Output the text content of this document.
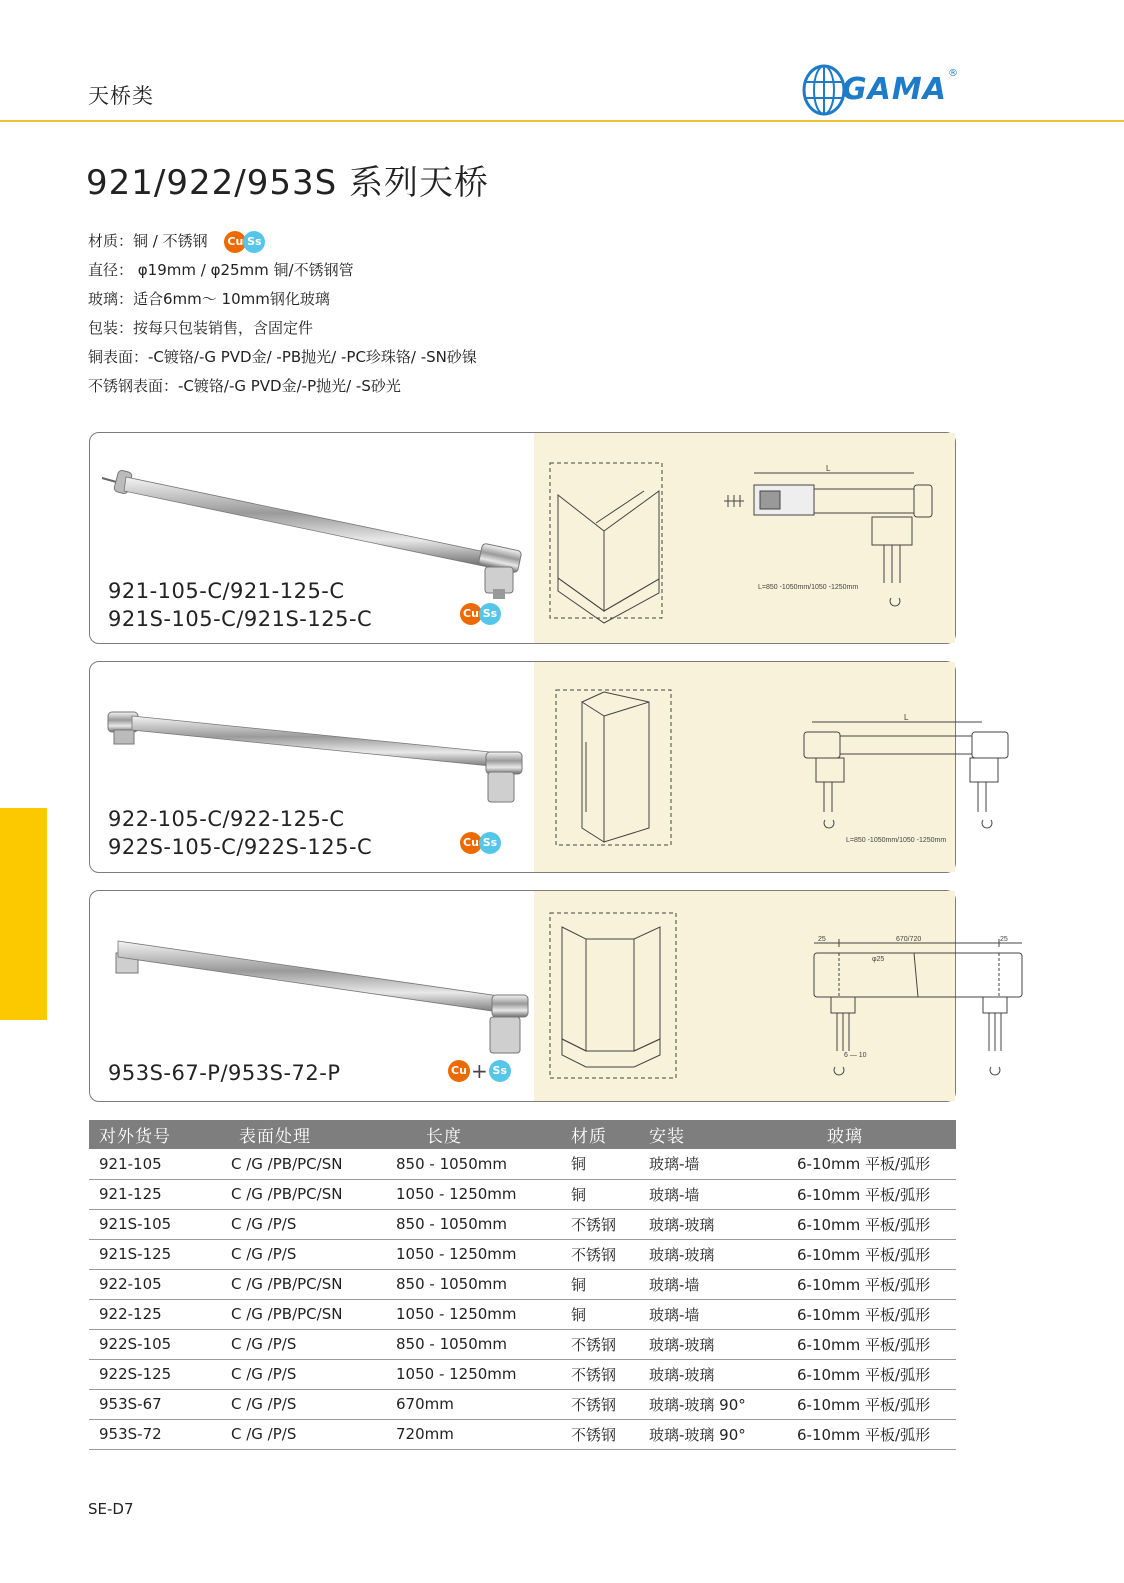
天桥类	GAMA ®
921/922/953S 系列天桥
材质：铜 / 不锈钢 Cu Ss
直径： φ19mm / φ25mm 铜/不锈钢管
玻璃：适合6mm～ 10mm钢化玻璃
包装：按每只包装销售，含固定件
铜表面：-C镀铬/-G PVD金/ -PB抛光/ -PC珍珠铬/ -SN砂镍
不锈钢表面：-C镀铬/-G PVD金/-P抛光/ -S砂光
921-105-C/921-125-C
921S-105-C/921S-125-C	Cu Ss
L
L=850 -1050mm/1050 -1250mm
922-105-C/922-125-C
922S-105-C/922S-125-C	Cu Ss
L
L=850 -1050mm/1050 -1250mm
953S-67-P/953S-72-P	Cu + Ss
25	670/720	25
φ25
6 — 10
对外货号	表面处理	长度	材质	安装	玻璃
921-105	C /G /PB/PC/SN	850 - 1050mm	铜	玻璃-墙	6-10mm 平板/弧形
921-125	C /G /PB/PC/SN	1050 - 1250mm	铜	玻璃-墙	6-10mm 平板/弧形
921S-105	C /G /P/S	850 - 1050mm	不锈钢	玻璃-玻璃	6-10mm 平板/弧形
921S-125	C /G /P/S	1050 - 1250mm	不锈钢	玻璃-玻璃	6-10mm 平板/弧形
922-105	C /G /PB/PC/SN	850 - 1050mm	铜	玻璃-墙	6-10mm 平板/弧形
922-125	C /G /PB/PC/SN	1050 - 1250mm	铜	玻璃-墙	6-10mm 平板/弧形
922S-105	C /G /P/S	850 - 1050mm	不锈钢	玻璃-玻璃	6-10mm 平板/弧形
922S-125	C /G /P/S	1050 - 1250mm	不锈钢	玻璃-玻璃	6-10mm 平板/弧形
953S-67	C /G /P/S	670mm	不锈钢	玻璃-玻璃 90°	6-10mm 平板/弧形
953S-72	C /G /P/S	720mm	不锈钢	玻璃-玻璃 90°	6-10mm 平板/弧形
SE-D7
